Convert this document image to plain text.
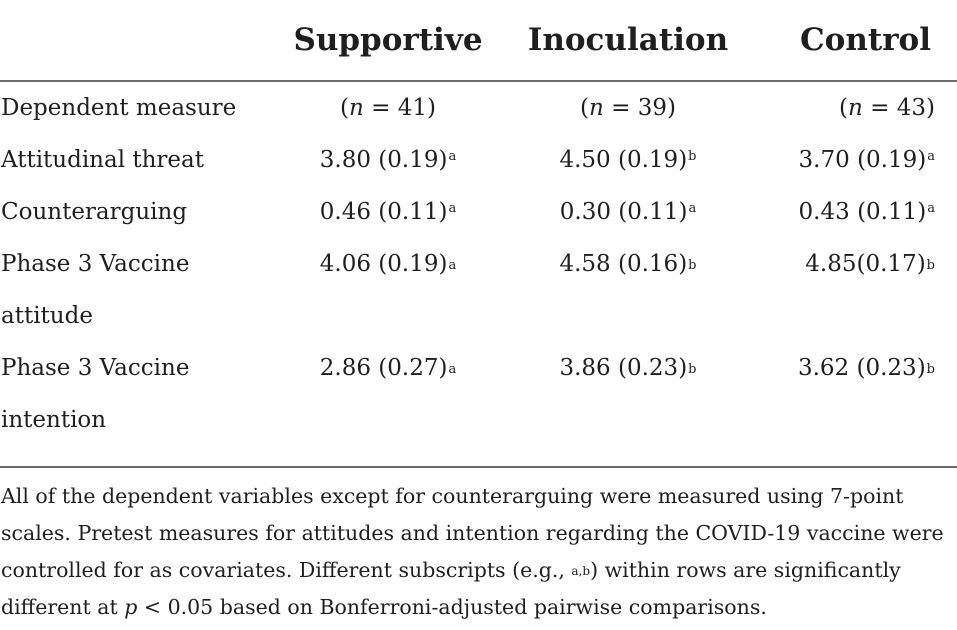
	Supportive	Inoculation	Control
Dependent measure	(n = 41)	(n = 39)	(n = 43)
Attitudinal threat	3.80 $(0.19)^a$	4.50 $(0.19)^b$	3.70 $(0.19)^a$
Counterarguing	0.46 $(0.11)^a$	0.30 $(0.11)^a$	0.43 $(0.11)^a$
Phase 3 Vaccine attitude	4.06 $(0.19)^a$	4.58 $(0.16)^b$	$4.85(0.17)^b$
Phase 3 Vaccine intention	2.86 $(0.27)^a$	3.86 $(0.23)^b$	3.62 $(0.23)^b$
All of the dependent variables except for counterarguing were measured using 7-point scales. Pretest measures for attitudes and intention regarding the COVID-19 vaccine were controlled for as covariates. Different subscripts (e.g., $^{a,b}$) within rows are significantly different at p < 0.05 based on Bonferroni-adjusted pairwise comparisons.
